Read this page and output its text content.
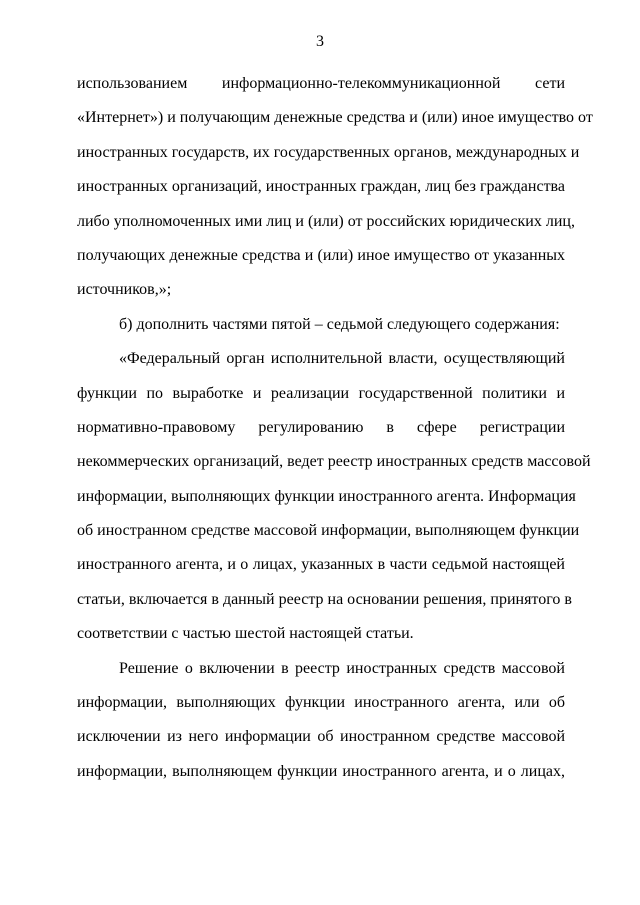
3
использованием информационно-телекоммуникационной сети
«Интернет») и получающим денежные средства и (или) иное имущество от
иностранных государств, их государственных органов, международных и
иностранных организаций, иностранных граждан, лиц без гражданства
либо уполномоченных ими лиц и (или) от российских юридических лиц,
получающих денежные средства и (или) иное имущество от указанных
источников,»;
б) дополнить частями пятой – седьмой следующего содержания:
«Федеральный орган исполнительной власти, осуществляющий
функции по выработке и реализации государственной политики и
нормативно-правовому регулированию в сфере регистрации
некоммерческих организаций, ведет реестр иностранных средств массовой
информации, выполняющих функции иностранного агента. Информация
об иностранном средстве массовой информации, выполняющем функции
иностранного агента, и о лицах, указанных в части седьмой настоящей
статьи, включается в данный реестр на основании решения, принятого в
соответствии с частью шестой настоящей статьи.
Решение о включении в реестр иностранных средств массовой
информации, выполняющих функции иностранного агента, или об
исключении из него информации об иностранном средстве массовой
информации, выполняющем функции иностранного агента, и о лицах,
